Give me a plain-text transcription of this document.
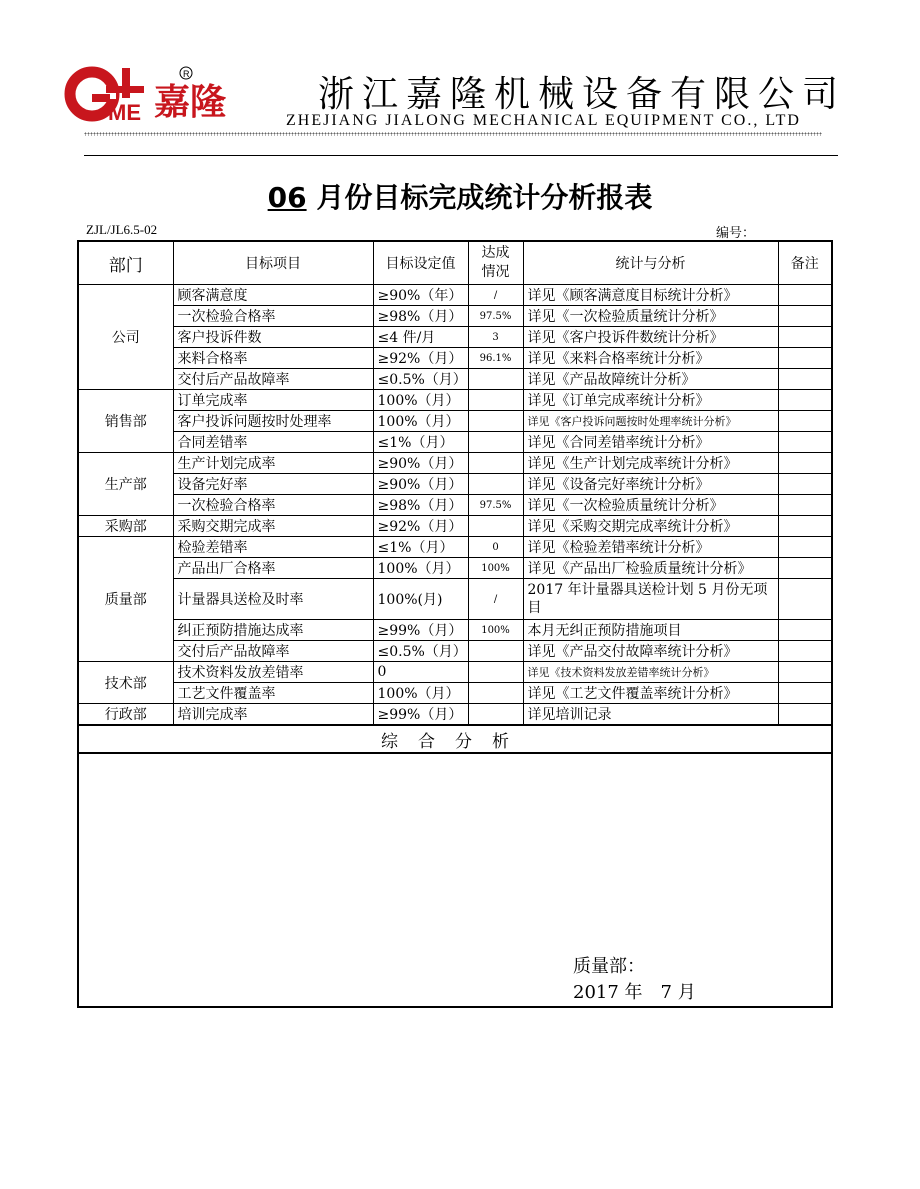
ME 嘉隆
R	浙江嘉隆机械设备有限公司
ZHEJIANG JIALONG MECHANICAL EQUIPMENT CO., LTD
06 月份目标完成统计分析报表
ZJL/JL6.5-02	编号：
部门	目标项目	目标设定值	达成情况	统计与分析	备注
公司	顾客满意度	≥90%（年）	/	详见《顾客满意度目标统计分析》	
	一次检验合格率	≥98%（月）	97.5%	详见《一次检验质量统计分析》	
	客户投诉件数	≤4 件/月	3	详见《客户投诉件数统计分析》	
	来料合格率	≥92%（月）	96.1%	详见《来料合格率统计分析》	
	交付后产品故障率	≤0.5%（月）		详见《产品故障统计分析》	
销售部	订单完成率	100%（月）		详见《订单完成率统计分析》	
	客户投诉问题按时处理率	100%（月）		详见《客户投诉问题按时处理率统计分析》	
	合同差错率	≤1%（月）		详见《合同差错率统计分析》	
生产部	生产计划完成率	≥90%（月）		详见《生产计划完成率统计分析》	
	设备完好率	≥90%（月）		详见《设备完好率统计分析》	
	一次检验合格率	≥98%（月）	97.5%	详见《一次检验质量统计分析》	
采购部	采购交期完成率	≥92%（月）		详见《采购交期完成率统计分析》	
质量部	检验差错率	≤1%（月）	0	详见《检验差错率统计分析》	
	产品出厂合格率	100%（月）	100%	详见《产品出厂检验质量统计分析》	
	计量器具送检及时率	100%(月)	/	2017 年计量器具送检计划 5 月份无项目	
	纠正预防措施达成率	≥99%（月）	100%	本月无纠正预防措施项目	
	交付后产品故障率	≤0.5%（月）		详见《产品交付故障率统计分析》	
技术部	技术资料发放差错率	0		详见《技术资料发放差错率统计分析》	
	工艺文件覆盖率	100%（月）		详见《工艺文件覆盖率统计分析》	
行政部	培训完成率	≥99%（月）		详见培训记录	
综合分析					

质量部：
2017 年　7 月					
